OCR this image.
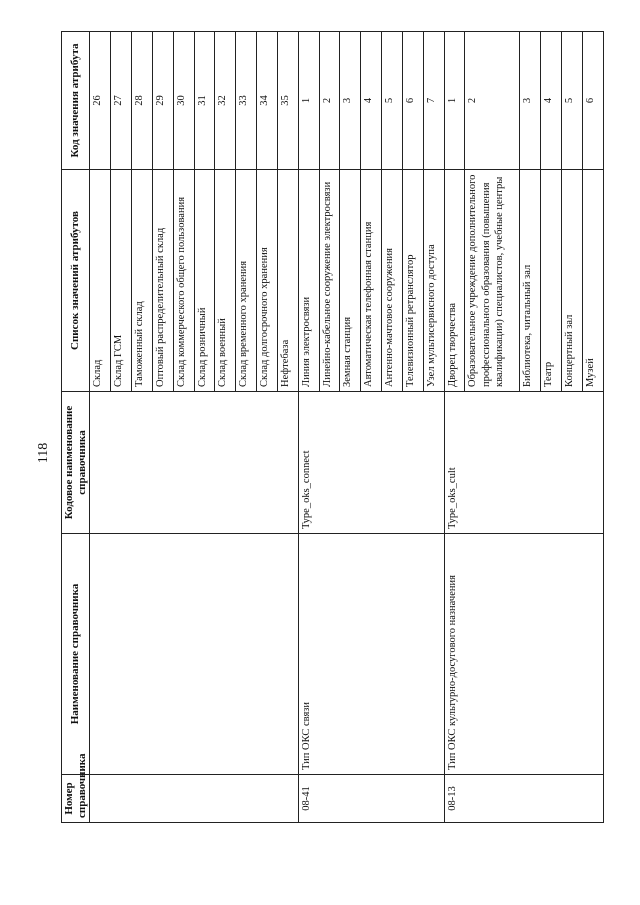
118
Номер справочника	Наименование справочника	Кодовое наименование справочника	Список значений атрибутов	Код значения атрибута
			Склад	26
			Склад ГСМ	27
			Таможенный склад	28
			Оптовый распределительный склад	29
			Склад коммерческого общего пользования	30
			Склад розничный	31
			Склад военный	32
			Склад временного хранения	33
			Склад долгосрочного хранения	34
			Нефтебаза	35
08-41	Тип ОКС связи	Type_oks_connect	Линия электросвязи	1
			Линейно-кабельное сооружение электросвязи	2
			Земная станция	3
			Автоматическая телефонная станция	4
			Антенно-мачтовое сооружения	5
			Телевизионный ретранслятор	6
			Узел мультисервисного доступа	7
08-13	Тип ОКС культурно-досугового назначения	Type_oks_cult	Дворец творчества	1
			Образовательное учреждение дополнительного профессионального образования (повышения квалификации) специалистов, учебные центры	2
			Библиотека, читальный зал	3
			Театр	4
			Концертный зал	5
			Музей	6
